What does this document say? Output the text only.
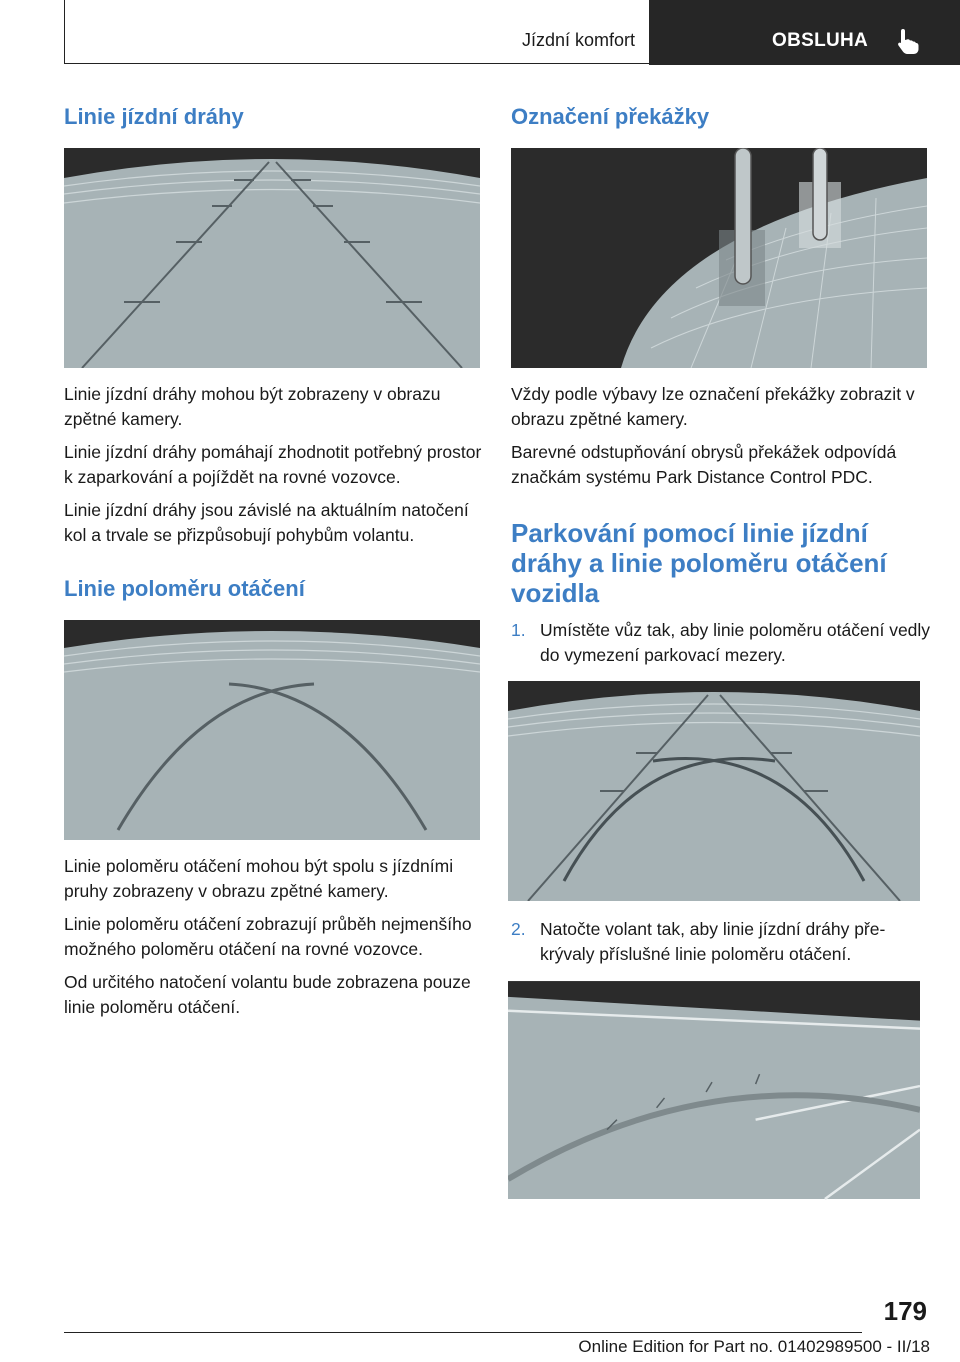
Jízdní komfort	OBSLUHA
Linie jízdní dráhy

Linie jízdní dráhy mohou být zobrazeny v obrazu zpětné kamery.

Linie jízdní dráhy pomáhají zhodnotit potřebný prostor k zaparkování a pojíždět na rovné vozovce.

Linie jízdní dráhy jsou závislé na aktuálním natočení kol a trvale se přizpůsobují pohybům volantu.

Linie poloměru otáčení

Linie poloměru otáčení mohou být spolu s jízdními pruhy zobrazeny v obrazu zpětné kamery.

Linie poloměru otáčení zobrazují průběh nejmenšího možného poloměru otáčení na rovné vozovce.

Od určitého natočení volantu bude zobrazena pouze linie poloměru otáčení.

Označení překážky

Vždy podle výbavy lze označení překážky zobrazit v obrazu zpětné kamery.

Barevné odstupňování obrysů překážek odpovídá značkám systému Park Distance Control PDC.

Parkování pomocí linie jízdní dráhy a linie poloměru otáčení vozidla
1. Umístěte vůz tak, aby linie poloměru otáčení vedly do vymezení parkovací mezery.
2. Natočte volant tak, aby linie jízdní dráhy překrývaly příslušné linie poloměru otáčení.
179
Online Edition for Part no. 01402989500 - II/18
